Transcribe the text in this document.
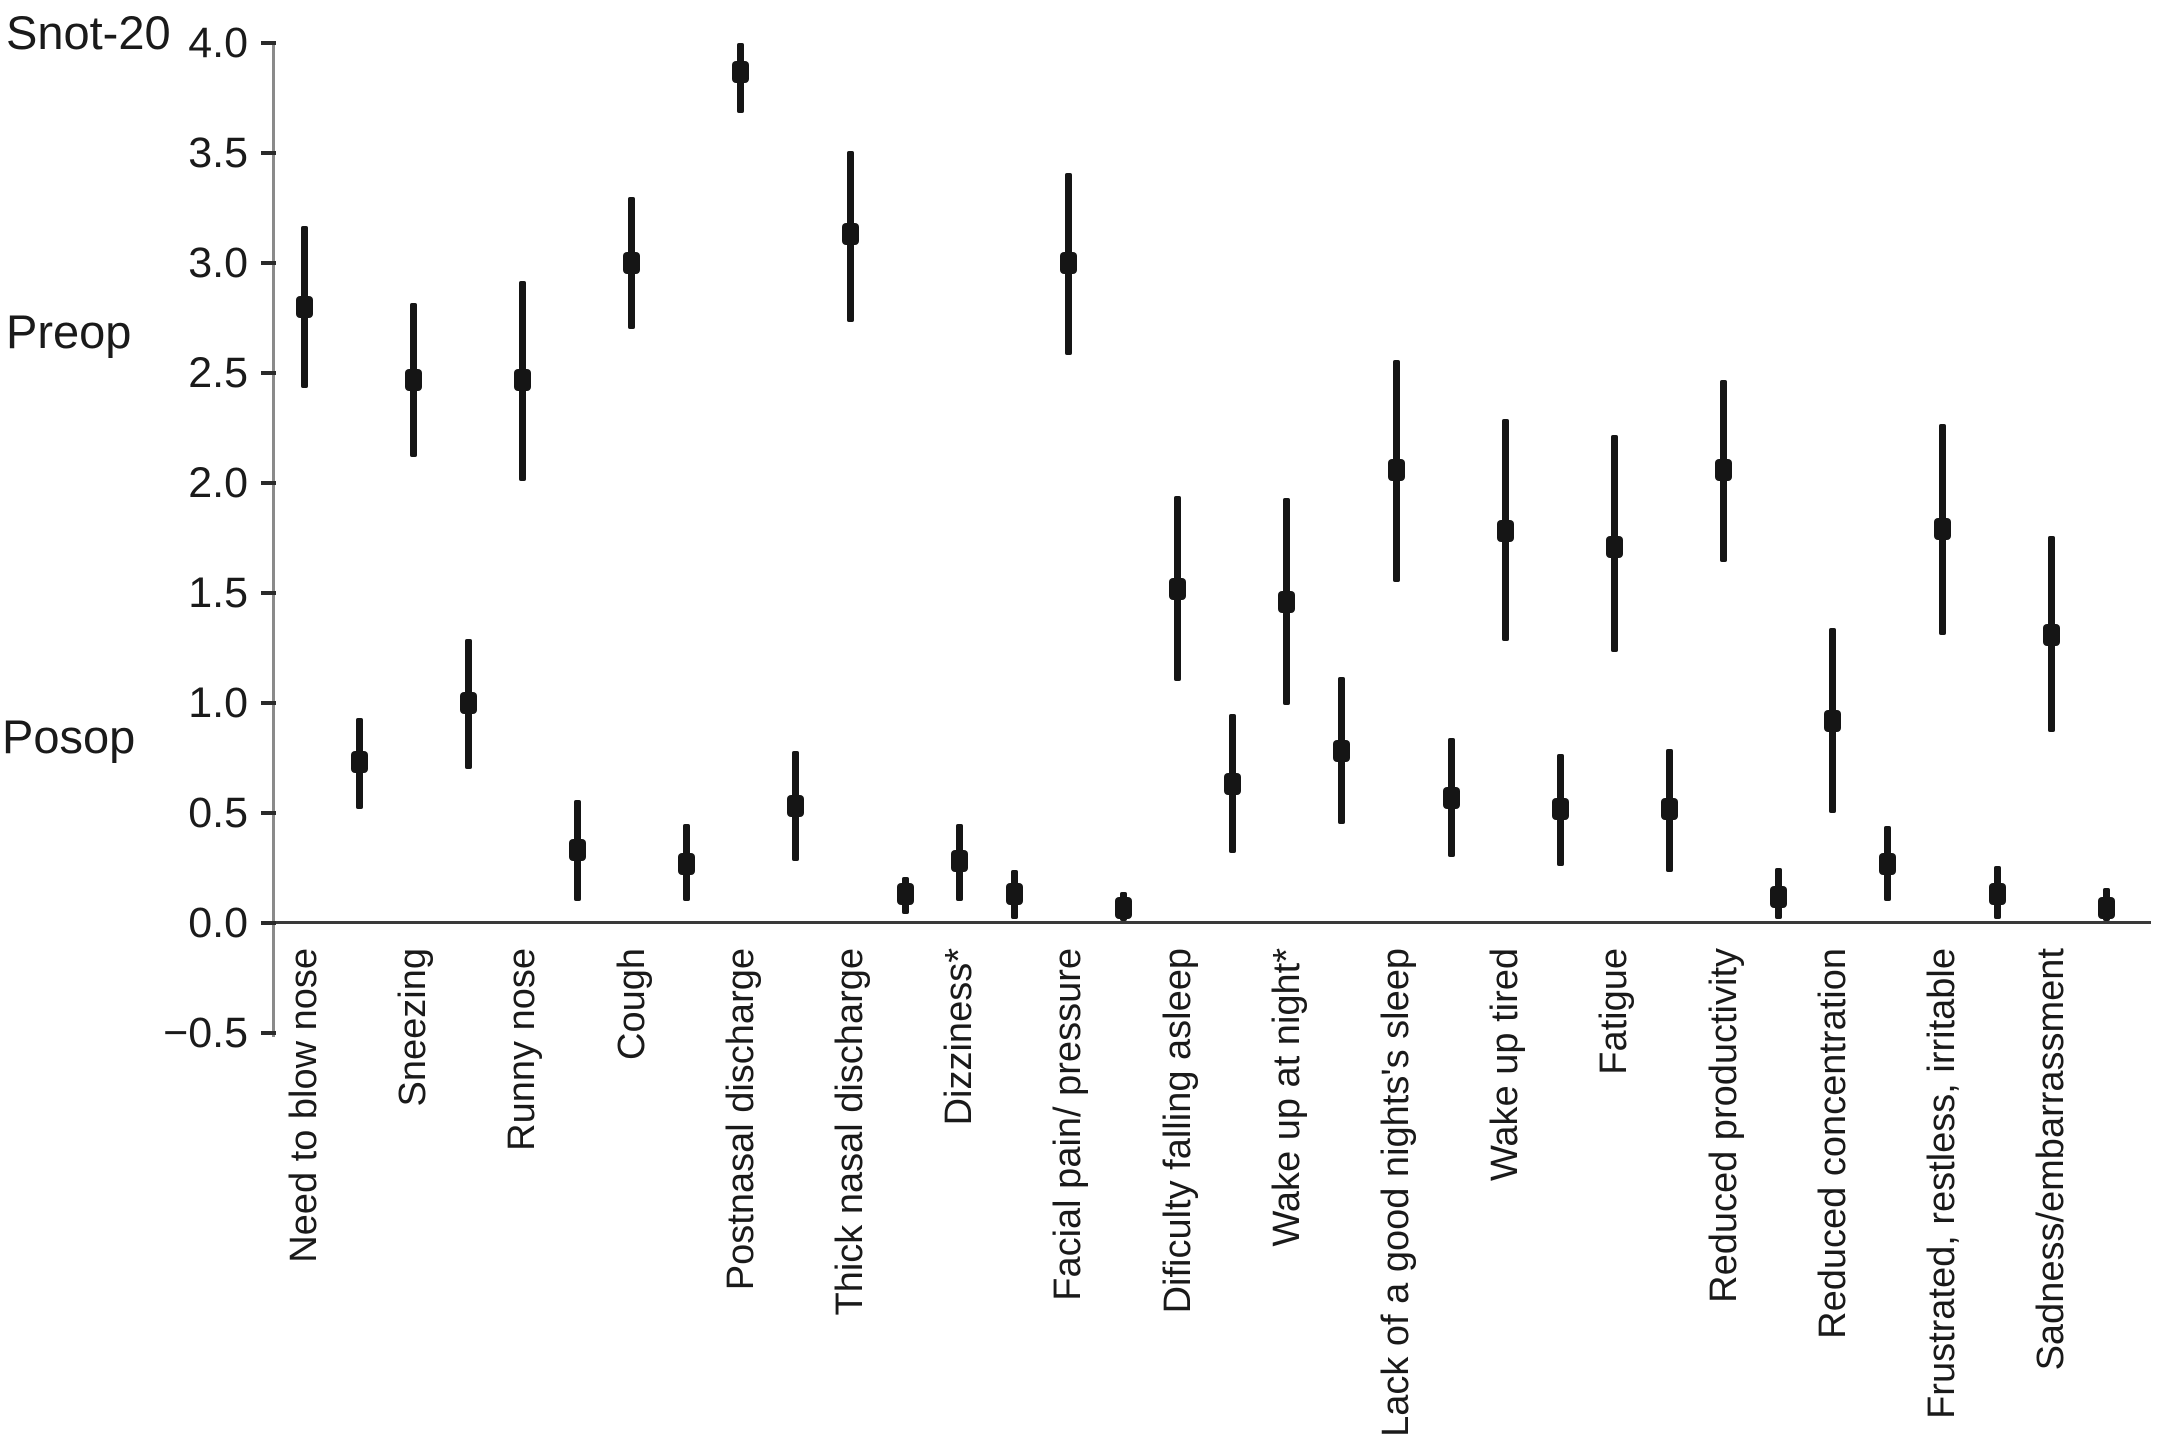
Snot-20
Preop
Posop
4.0
3.5
3.0
2.5
2.0
1.5
1.0
0.5
0.0
−0.5 Need to blow nose Sneezing Runny nose Cough Postnasal discharge Thick nasal discharge Dizziness* Facial pain/ pressure Dificulty falling asleep Wake up at night* Lack of a good nights's sleep Wake up tired Fatigue Reduced productivity Reduced concentration Frustrated, restless, irritable Sadness/embarrassment
